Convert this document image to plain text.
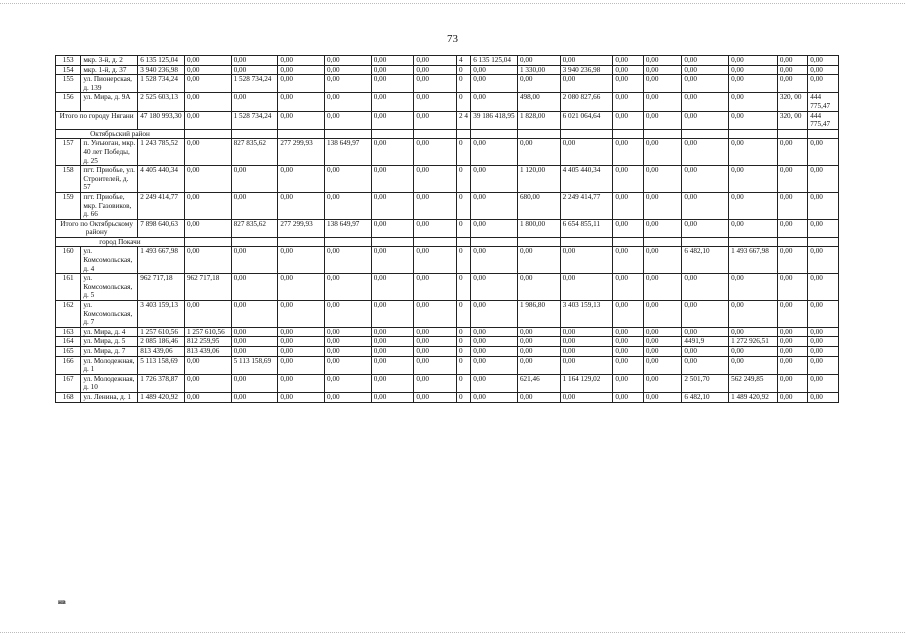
73
153	мкр. 3-й, д. 2	6 135 125,04	0,00	0,00	0,00	0,00	0,00	0,00	4	6 135 125,04	0,00	0,00	0,00	0,00	0,00	0,00	0,00	0,00
154	мкр. 1-й, д. 37	3 940 236,98	0,00	0,00	0,00	0,00	0,00	0,00	0	0,00	1 330,00	3 940 236,98	0,00	0,00	0,00	0,00	0,00	0,00
155	ул. Пионерская, д. 139	1 528 734,24	0,00	1 528 734,24	0,00	0,00	0,00	0,00	0	0,00	0,00	0,00	0,00	0,00	0,00	0,00	0,00	0,00
156	ул. Мира, д. 9А	2 525 603,13	0,00	0,00	0,00	0,00	0,00	0,00	0	0,00	498,00	2 080 827,66	0,00	0,00	0,00	0,00	320, 00	444 775,47
Итого по городу Нягани		47 180 993,30	0,00	1 528 734,24	0,00	0,00	0,00	0,00	2 4	39 186 418,95	1 828,00	6 021 064,64	0,00	0,00	0,00	0,00	320, 00	444 775,47
Октябрьский район																		
157	п. Унъюган, мкр. 40 лет Победы, д. 25	1 243 785,52	0,00	827 835,62	277 299,93	138 649,97	0,00	0,00	0	0,00	0,00	0,00	0,00	0,00	0,00	0,00	0,00	0,00
158	пгт. Приобье, ул. Строителей, д. 57	4 405 440,34	0,00	0,00	0,00	0,00	0,00	0,00	0	0,00	1 120,00	4 405 440,34	0,00	0,00	0,00	0,00	0,00	0,00
159	пгт. Приобье, мкр. Газовиков, д. 66	2 249 414,77	0,00	0,00	0,00	0,00	0,00	0,00	0	0,00	680,00	2 249 414,77	0,00	0,00	0,00	0,00	0,00	0,00
Итого по Октябрьскому району		7 898 640,63	0,00	827 835,62	277 299,93	138 649,97	0,00	0,00	0	0,00	1 800,00	6 654 855,11	0,00	0,00	0,00	0,00	0,00	0,00
город Покачи																		
160	ул. Комсомольская, д. 4	1 493 667,98	0,00	0,00	0,00	0,00	0,00	0,00	0	0,00	0,00	0,00	0,00	0,00	6 482,10	1 493 667,98	0,00	0,00
161	ул. Комсомольская, д. 5	962 717,18	962 717,18	0,00	0,00	0,00	0,00	0,00	0	0,00	0,00	0,00	0,00	0,00	0,00	0,00	0,00	0,00
162	ул. Комсомольская, д. 7	3 403 159,13	0,00	0,00	0,00	0,00	0,00	0,00	0	0,00	1 986,80	3 403 159,13	0,00	0,00	0,00	0,00	0,00	0,00
163	ул. Мира, д. 4	1 257 610,56	1 257 610,56	0,00	0,00	0,00	0,00	0,00	0	0,00	0,00	0,00	0,00	0,00	0,00	0,00	0,00	0,00
164	ул. Мира, д. 5	2 085 186,46	812 259,95	0,00	0,00	0,00	0,00	0,00	0	0,00	0,00	0,00	0,00	0,00	4491,9	1 272 926,51	0,00	0,00
165	ул. Мира, д. 7	813 439,06	813 439,06	0,00	0,00	0,00	0,00	0,00	0	0,00	0,00	0,00	0,00	0,00	0,00	0,00	0,00	0,00
166	ул. Молодежная, д. 1	5 113 158,69	0,00	5 113 158,69	0,00	0,00	0,00	0,00	0	0,00	0,00	0,00	0,00	0,00	0,00	0,00	0,00	0,00
167	ул. Молодежная, д. 10	1 726 378,87	0,00	0,00	0,00	0,00	0,00	0,00	0	0,00	621,46	1 164 129,02	0,00	0,00	2 501,70	562 249,85	0,00	0,00
168	ул. Ленина, д. 1	1 489 420,92	0,00	0,00	0,00	0,00	0,00	0,00	0	0,00	0,00	0,00	0,00	0,00	6 482,10	1 489 420,92	0,00	0,00
нв
